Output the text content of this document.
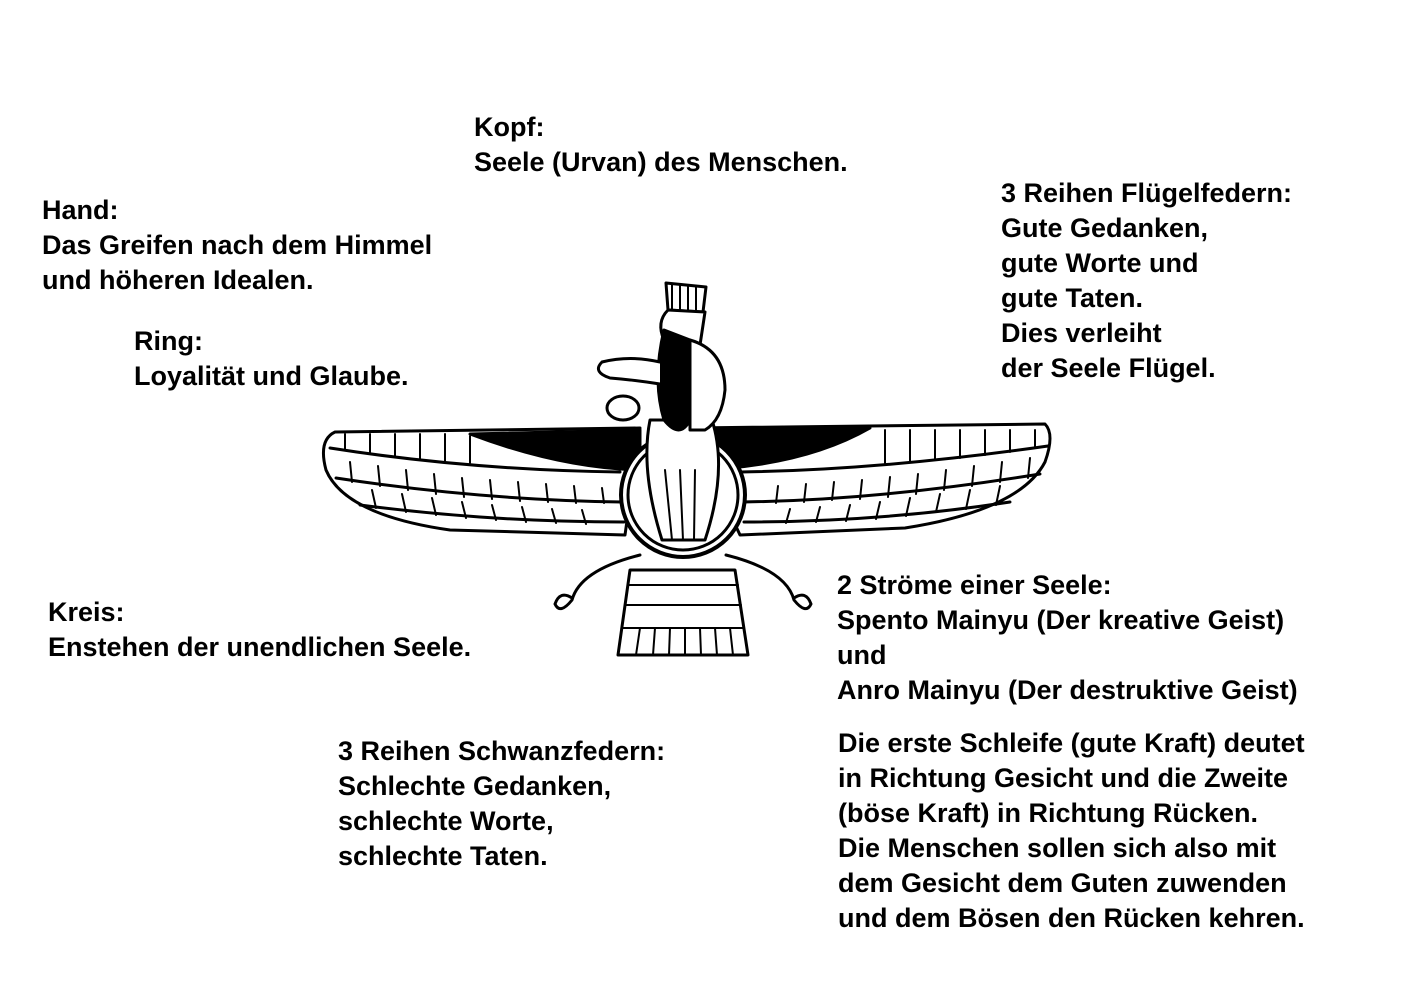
Kopf:
Seele (Urvan) des Menschen.
Hand:
Das Greifen nach dem Himmel
und höheren Idealen.
Ring:
Loyalität und Glaube.
3 Reihen Flügelfedern:
Gute Gedanken,
gute Worte und
gute Taten.
Dies verleiht
der Seele Flügel.
Kreis:
Enstehen der unendlichen Seele.
2 Ströme einer Seele:
Spento Mainyu (Der kreative Geist)
und
Anro Mainyu (Der destruktive Geist)
Die erste Schleife (gute Kraft) deutet
in Richtung Gesicht und die Zweite
(böse Kraft) in Richtung Rücken.
Die Menschen sollen sich also mit
dem Gesicht dem Guten zuwenden
und dem Bösen den Rücken kehren.
3 Reihen Schwanzfedern:
Schlechte Gedanken,
schlechte Worte,
schlechte Taten.
